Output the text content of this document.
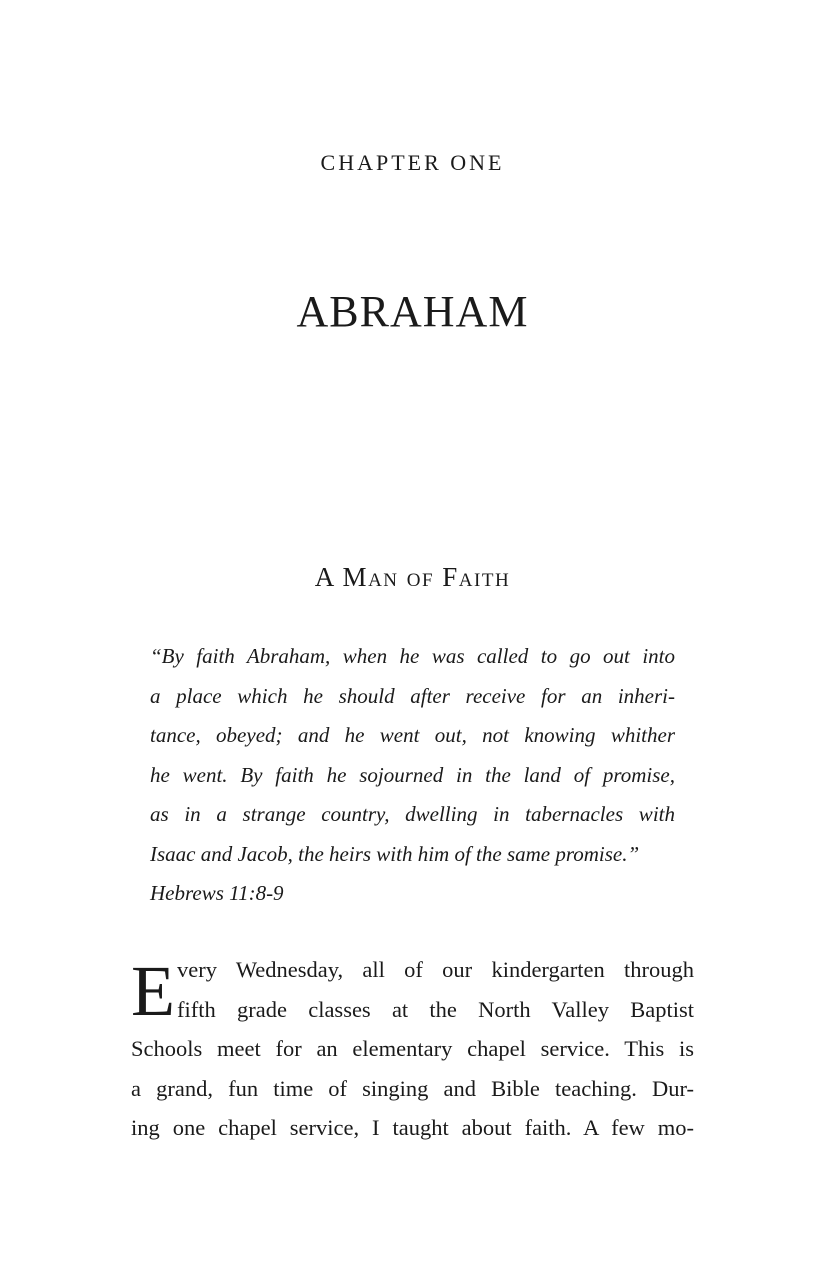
CHAPTER ONE
ABRAHAM
A Man of Faith
“By faith Abraham, when he was called to go out into
a place which he should after receive for an inheri-
tance, obeyed; and he went out, not knowing whither
he went. By faith he sojourned in the land of promise,
as in a strange country, dwelling in tabernacles with
Isaac and Jacob, the heirs with him of the same promise.”
Hebrews 11:8-9
E very Wednesday, all of our kindergarten through
fifth grade classes at the North Valley Baptist
Schools meet for an elementary chapel service. This is
a grand, fun time of singing and Bible teaching. Dur-
ing one chapel service, I taught about faith. A few mo-
